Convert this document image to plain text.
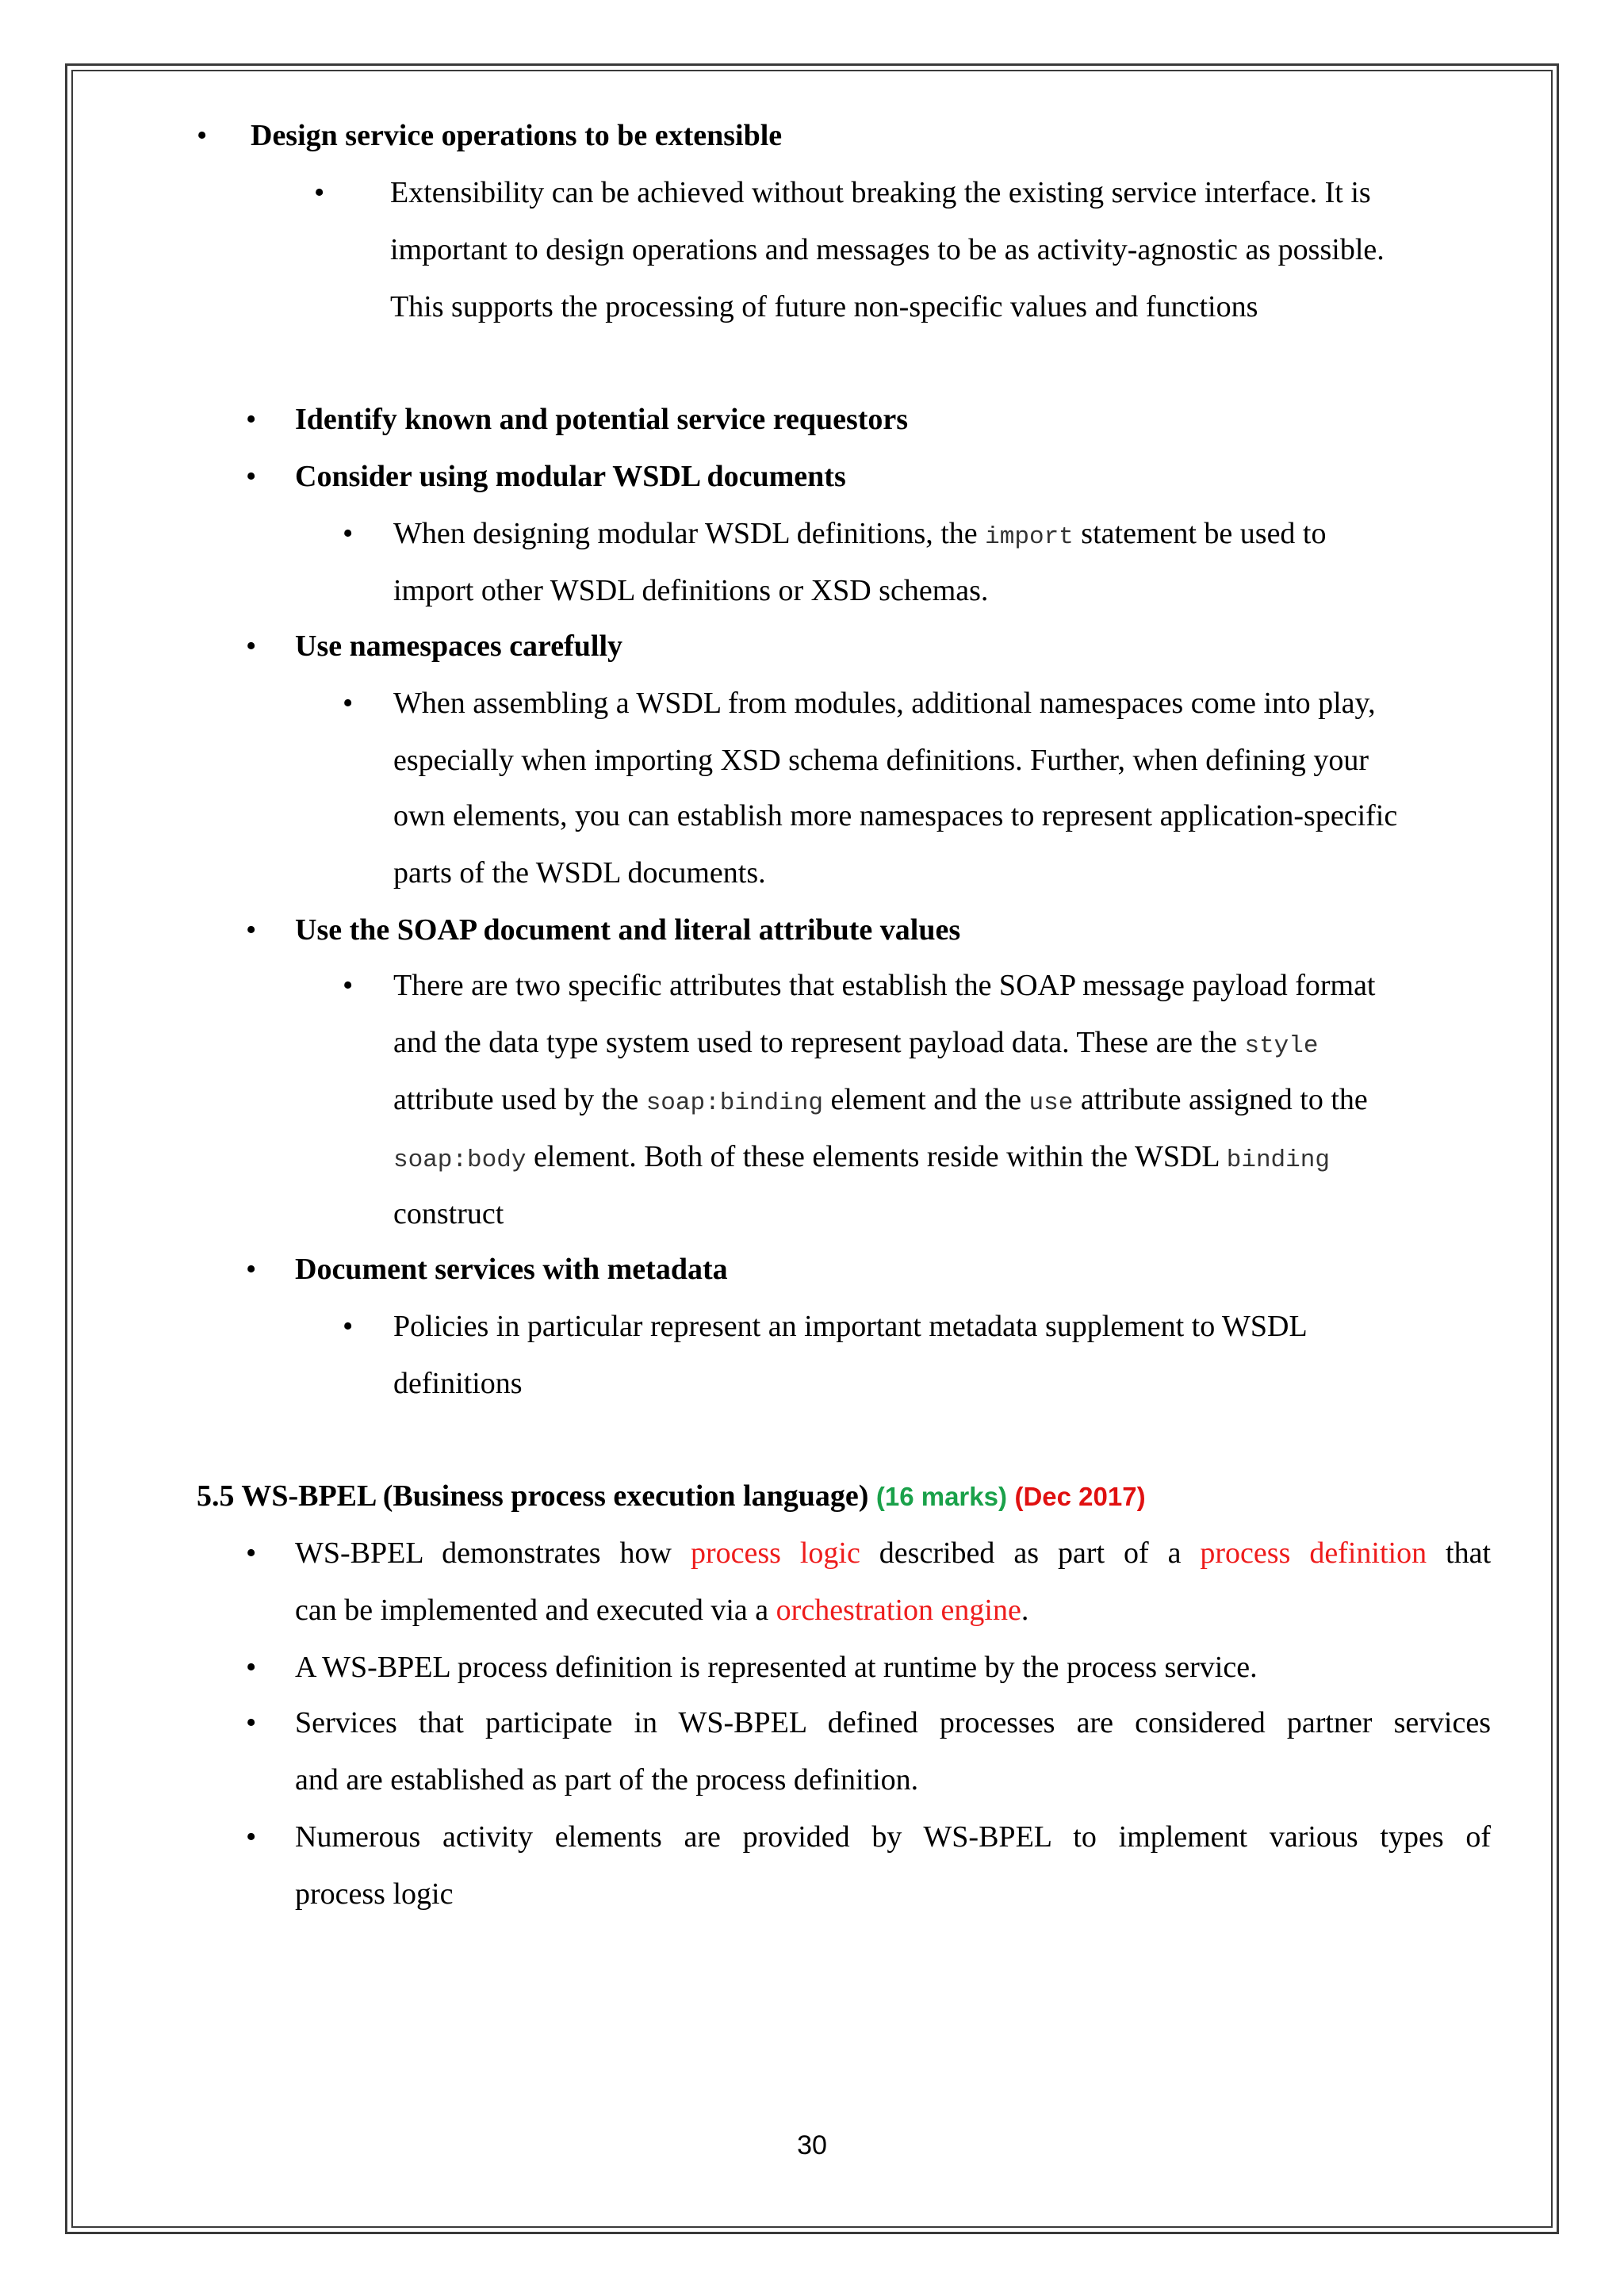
• Design service operations to be extensible
• Extensibility can be achieved without breaking the existing service interface. It is
important to design operations and messages to be as activity-agnostic as possible.
This supports the processing of future non-specific values and functions
• Identify known and potential service requestors
• Consider using modular WSDL documents
• When designing modular WSDL definitions, the import statement be used to
import other WSDL definitions or XSD schemas.
• Use namespaces carefully
• When assembling a WSDL from modules, additional namespaces come into play,
especially when importing XSD schema definitions. Further, when defining your
own elements, you can establish more namespaces to represent application-specific
parts of the WSDL documents.
• Use the SOAP document and literal attribute values
• There are two specific attributes that establish the SOAP message payload format
and the data type system used to represent payload data. These are the style
attribute used by the soap:binding element and the use attribute assigned to the
soap:body element. Both of these elements reside within the WSDL binding
construct
• Document services with metadata
• Policies in particular represent an important metadata supplement to WSDL
definitions
5.5 WS-BPEL (Business process execution language) (16 marks) (Dec 2017)
• WS-BPEL demonstrates how process logic described as part of a process definition that
can be implemented and executed via a orchestration engine.
• A WS-BPEL process definition is represented at runtime by the process service.
• Services that participate in WS-BPEL defined processes are considered partner services
and are established as part of the process definition.
• Numerous activity elements are provided by WS-BPEL to implement various types of
process logic
30
